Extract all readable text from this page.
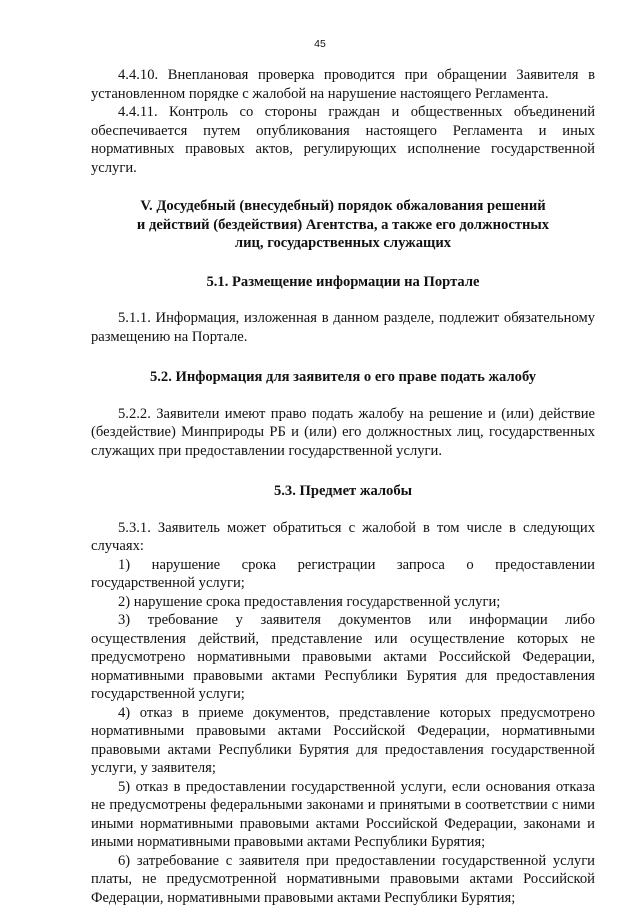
45

4.4.10. Внеплановая проверка проводится при обращении Заявителя в установленном порядке с жалобой на нарушение настоящего Регламента.

4.4.11. Контроль со стороны граждан и общественных объединений обеспечивается путем опубликования настоящего Регламента и иных нормативных правовых актов, регулирующих исполнение государственной услуги.

V. Досудебный (внесудебный) порядок обжалования решений
и действий (бездействия) Агентства, а также его должностных
лиц, государственных служащих
5.1. Размещение информации на Портале

5.1.1. Информация, изложенная в данном разделе, подлежит обязательному размещению на Портале.

5.2. Информация для заявителя о его праве подать жалобу

5.2.2. Заявители имеют право подать жалобу на решение и (или) действие (бездействие) Минприроды РБ и (или) его должностных лиц, государственных служащих при предоставлении государственной услуги.

5.3. Предмет жалобы

5.3.1. Заявитель может обратиться с жалобой в том числе в следующих случаях:

1) нарушение срока регистрации запроса о предоставлении государственной услуги;

2) нарушение срока предоставления государственной услуги;

3) требование у заявителя документов или информации либо осуществления действий, представление или осуществление которых не предусмотрено нормативными правовыми актами Российской Федерации, нормативными правовыми актами Республики Бурятия для предоставления государственной услуги;

4) отказ в приеме документов, представление которых предусмотрено нормативными правовыми актами Российской Федерации, нормативными правовыми актами Республики Бурятия для предоставления государственной услуги, у заявителя;

5) отказ в предоставлении государственной услуги, если основания отказа не предусмотрены федеральными законами и принятыми в соответствии с ними иными нормативными правовыми актами Российской Федерации, законами и иными нормативными правовыми актами Республики Бурятия;

6) затребование с заявителя при предоставлении государственной услуги платы, не предусмотренной нормативными правовыми актами Российской Федерации, нормативными правовыми актами Республики Бурятия;
